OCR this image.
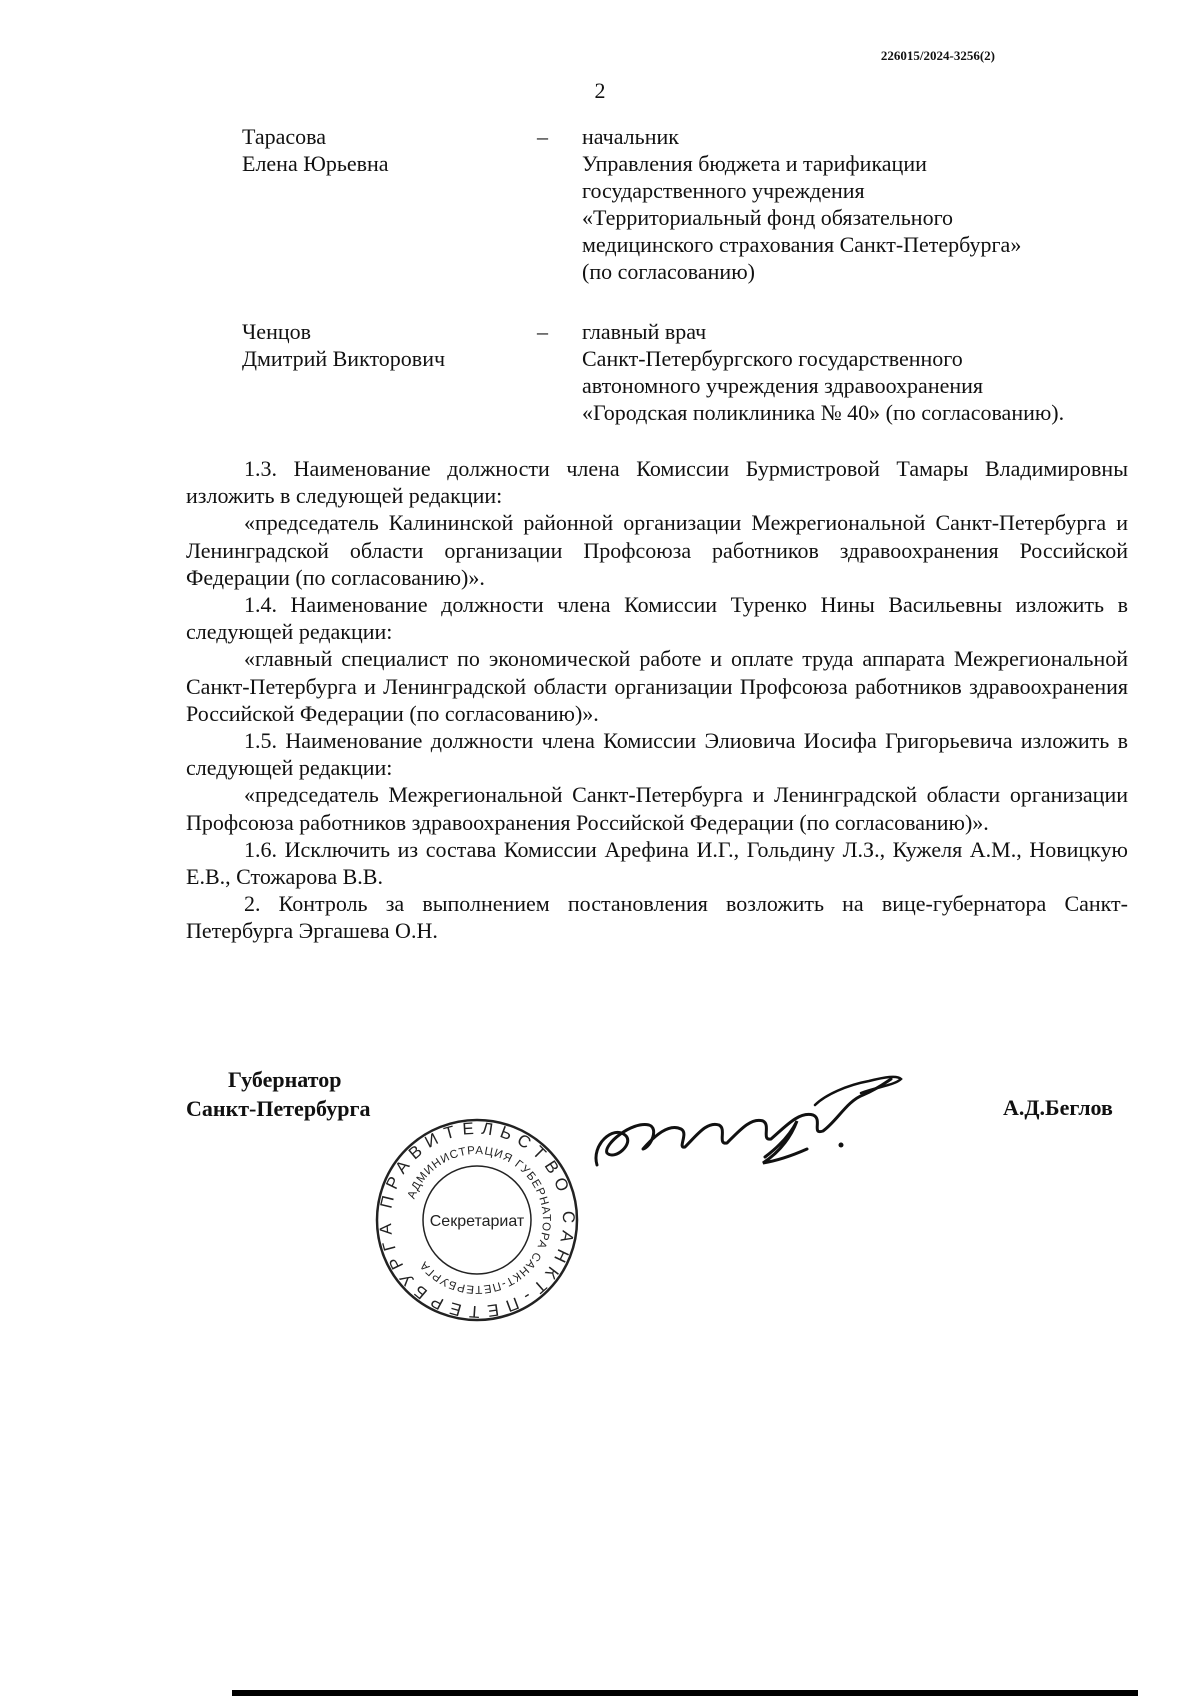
226015/2024-3256(2)
2
Тарасова
Елена Юрьевна
– начальник
Управления бюджета и тарификации
государственного учреждения
«Территориальный фонд обязательного
медицинского страхования Санкт-Петербурга»
(по согласованию)
Ченцов
Дмитрий Викторович
– главный врач
Санкт-Петербургского государственного
автономного учреждения здравоохранения
«Городская поликлиника № 40» (по согласованию).

1.3. Наименование должности члена Комиссии Бурмистровой Тамары Владимировны изложить в следующей редакции:

«председатель Калининской районной организации Межрегиональной Санкт-Петербурга и Ленинградской области организации Профсоюза работников здравоохранения Российской Федерации (по согласованию)».

1.4. Наименование должности члена Комиссии Туренко Нины Васильевны изложить в следующей редакции:

«главный специалист по экономической работе и оплате труда аппарата Межрегиональной Санкт-Петербурга и Ленинградской области организации Профсоюза работников здравоохранения Российской Федерации (по согласованию)».

1.5. Наименование должности члена Комиссии Элиовича Иосифа Григорьевича изложить в следующей редакции:

«председатель Межрегиональной Санкт-Петербурга и Ленинградской области организации Профсоюза работников здравоохранения Российской Федерации (по согласованию)».

1.6. Исключить из состава Комиссии Арефина И.Г., Гольдину Л.З., Кужеля А.М., Новицкую Е.В., Стожарова В.В.

2. Контроль за выполнением постановления возложить на вице-губернатора Санкт-Петербурга Эргашева О.Н.

Губернатор
Санкт-Петербурга	А.Д.Беглов
ПРАВИТЕЛЬСТВО САНКТ-ПЕТЕРБУРГА
АДМИНИСТРАЦИЯ ГУБЕРНАТОРА САНКТ-ПЕТЕРБУРГА
Секретариат
